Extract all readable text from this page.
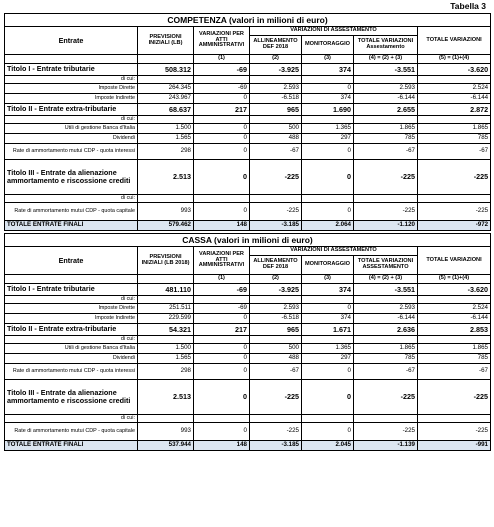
Tabella 3
COMPETENZA (valori in milioni di euro)						
Entrate	PREVISIONI INIZIALI (LB)	VARIAZIONI PER ATTI AMMINISTRATIVI	VARIAZIONI DI ASSESTAMENTO			TOTALE VARIAZIONI
			ALLINEAMENTO DEF 2018	MONITORAGGIO	TOTALE VARIAZIONI Assestamento	
		(1)	(2)	(3)	(4) = (2) + (3)	(5) = (1)+(4)
Titolo I - Entrate tributarie	508.312	-69	-3.925	374	-3.551	-3.620
di cui:						
Imposte Dirette	264.345	-69	2.593	0	2.593	2.524
Imposte Indirette	243.967	0	-6.518	374	-6.144	-6.144
Titolo II - Entrate extra-tributarie	68.637	217	965	1.690	2.655	2.872
di cui:						
Utili di gestione Banca d'Italia	1.500	0	500	1.365	1.865	1.865
Dividendi	1.565	0	488	297	785	785
Rate di ammortamento mutui CDP - quota interessi	298	0	-67	0	-67	-67
Titolo III - Entrate da alienazione ammortamento e riscossione crediti	2.513	0	-225	0	-225	-225
di cui:						
Rate di ammortamento mutui CDP - quota capitale	993	0	-225	0	-225	-225
TOTALE ENTRATE FINALI	579.462	148	-3.185	2.064	-1.120	-972
CASSA (valori in milioni di euro)						
Entrate	PREVISIONI INIZIALI (LB 2018)	VARIAZIONI PER ATTI AMMINISTRATIVI	VARIAZIONI DI ASSESTAMENTO			TOTALE VARIAZIONI
			ALLINEAMENTO DEF 2018	MONITORAGGIO	TOTALE VARIAZIONI ASSESTAMENTO	
		(1)	(2)	(3)	(4) = (2) + (3)	(5) = (1)+(4)
Titolo I - Entrate tributarie	481.110	-69	-3.925	374	-3.551	-3.620
di cui:						
Imposte Dirette	251.511	-69	2.593	0	2.593	2.524
Imposte Indirette	229.599	0	-6.518	374	-6.144	-6.144
Titolo II - Entrate extra-tributarie	54.321	217	965	1.671	2.636	2.853
di cui:						
Utili di gestione Banca d'Italia	1.500	0	500	1.365	1.865	1.865
Dividendi	1.565	0	488	297	785	785
Rate di ammortamento mutui CDP - quota interessi	298	0	-67	0	-67	-67
Titolo III - Entrate da alienazione ammortamento e riscossione crediti	2.513	0	-225	0	-225	-225
di cui:						
Rate di ammortamento mutui CDP - quota capitale	993	0	-225	0	-225	-225
TOTALE ENTRATE FINALI	537.944	148	-3.185	2.045	-1.139	-991
